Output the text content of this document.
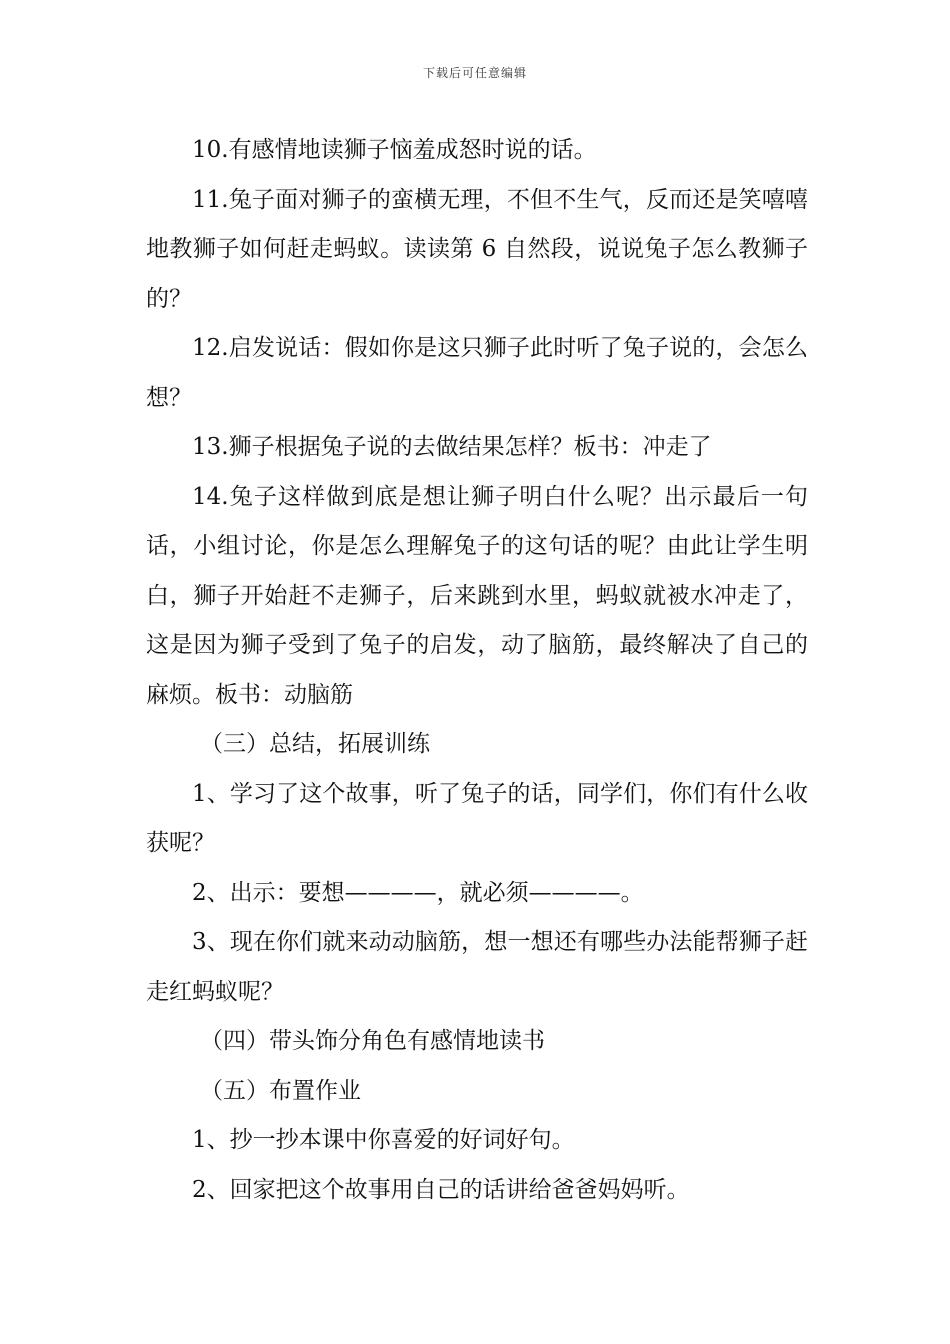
下载后可任意编辑

10.有感情地读狮子恼羞成怒时说的话。

11.兔子面对狮子的蛮横无理，不但不生气，反而还是笑嘻嘻地教狮子如何赶走蚂蚁。读读第 6 自然段，说说兔子怎么教狮子的？

12.启发说话：假如你是这只狮子此时听了兔子说的，会怎么想？

13.狮子根据兔子说的去做结果怎样？板书：冲走了

14.兔子这样做到底是想让狮子明白什么呢？出示最后一句话，小组讨论，你是怎么理解兔子的这句话的呢？由此让学生明白，狮子开始赶不走狮子，后来跳到水里，蚂蚁就被水冲走了，这是因为狮子受到了兔子的启发，动了脑筋，最终解决了自己的麻烦。板书：动脑筋

（三）总结，拓展训练

1、学习了这个故事，听了兔子的话，同学们，你们有什么收获呢？

2、出示：要想————，就必须————。

3、现在你们就来动动脑筋，想一想还有哪些办法能帮狮子赶走红蚂蚁呢？

（四）带头饰分角色有感情地读书

（五）布置作业

1、抄一抄本课中你喜爱的好词好句。

2、回家把这个故事用自己的话讲给爸爸妈妈听。
